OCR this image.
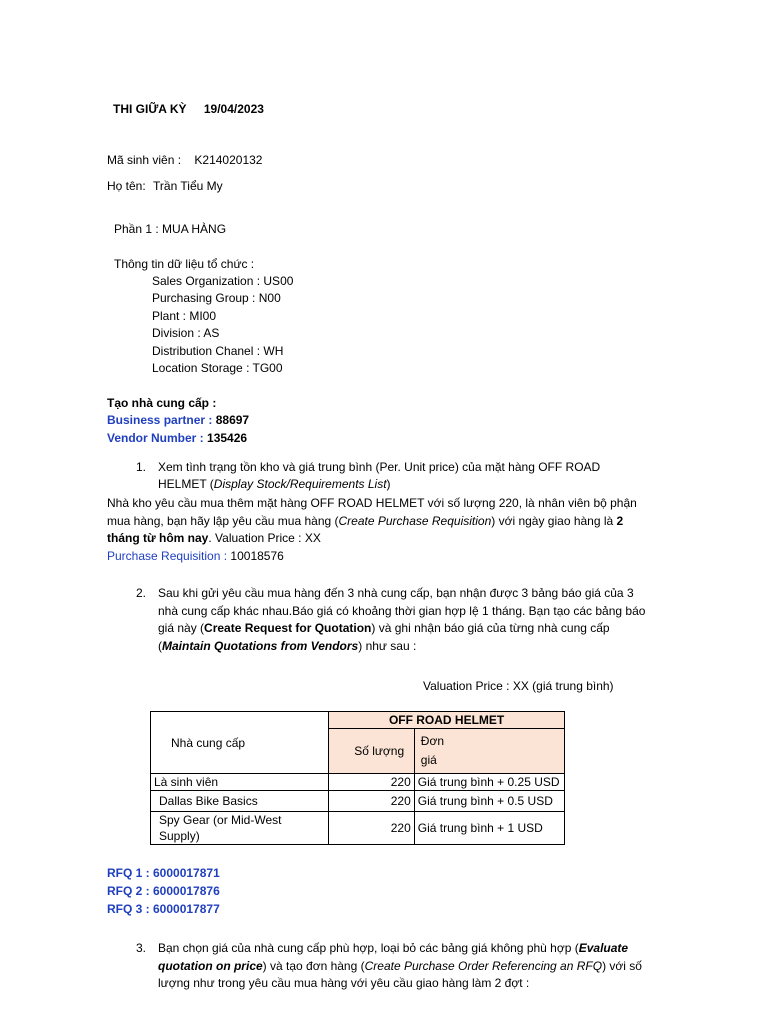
THI GIỮA KỲ 19/04/2023
Mã sinh viên : K214020132
Họ tên: Trần Tiểu My
Phần 1 : MUA HÀNG
Thông tin dữ liệu tổ chức :
Sales Organization : US00
Purchasing Group : N00
Plant : MI00
Division : AS
Distribution Chanel : WH
Location Storage : TG00
Tạo nhà cung cấp :
Business partner : 88697
Vendor Number : 135426
1. Xem tình trạng tồn kho và giá trung bình (Per. Unit price) của mặt hàng OFF ROAD
HELMET (Display Stock/Requirements List)
Nhà kho yêu cầu mua thêm mặt hàng OFF ROAD HELMET với số lượng 220, là nhân viên bộ phận mua hàng, bạn hãy lập yêu cầu mua hàng (Create Purchase Requisition) với ngày giao hàng là 2 tháng từ hôm nay. Valuation Price : XX
Purchase Requisition : 10018576
2. Sau khi gửi yêu cầu mua hàng đến 3 nhà cung cấp, bạn nhận được 3 bảng báo giá của 3 nhà cung cấp khác nhau.Báo giá có khoảng thời gian hợp lệ 1 tháng. Bạn tạo các bảng báo giá này (Create Request for Quotation) và ghi nhận báo giá của từng nhà cung cấp (Maintain Quotations from Vendors) như sau :
Valuation Price : XX (giá trung bình)
Nhà cung cấp	OFF ROAD HELMET	
	Số lượng	Đơn giá
Là sinh viên	220	Giá trung bình + 0.25 USD
Dallas Bike Basics	220	Giá trung bình + 0.5 USD
Spy Gear (or Mid-West Supply)	220	Giá trung bình + 1 USD
RFQ 1 : 6000017871
RFQ 2 : 6000017876
RFQ 3 : 6000017877
3. Bạn chọn giá của nhà cung cấp phù hợp, loại bỏ các bảng giá không phù hợp (Evaluate quotation on price) và tạo đơn hàng (Create Purchase Order Referencing an RFQ) với số lượng như trong yêu cầu mua hàng với yêu cầu giao hàng làm 2 đợt :
